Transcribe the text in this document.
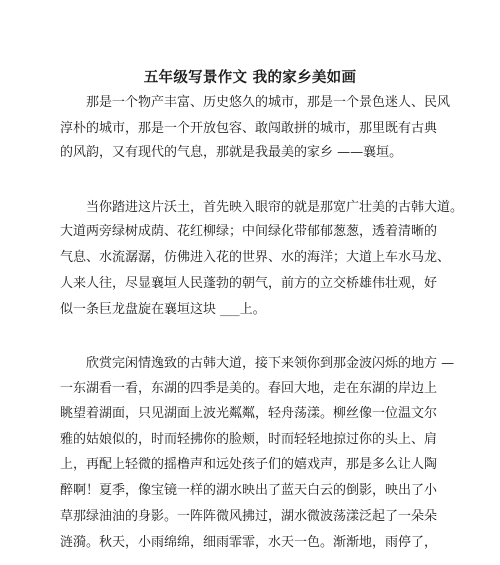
五年级写景作文 我的家乡美如画

那是一个物产丰富、历史悠久的城市，那是一个景色迷人、民风

淳朴的城市，那是一个开放包容、敢闯敢拼的城市，那里既有古典

的风韵，又有现代的气息，那就是我最美的家乡 ——襄垣。

当你踏进这片沃土，首先映入眼帘的就是那宽广壮美的古韩大道。

大道两旁绿树成荫、花红柳绿；中间绿化带郁郁葱葱，透着清晰的

气息、水流潺潺，仿佛进入花的世界、水的海洋；大道上车水马龙、

人来人往，尽显襄垣人民蓬勃的朝气，前方的立交桥雄伟壮观，好

似一条巨龙盘旋在襄垣这块 ___上。

欣赏完闲情逸致的古韩大道，接下来领你到那金波闪烁的地方 —

一东湖看一看，东湖的四季是美的。春回大地，走在东湖的岸边上

眺望着湖面，只见湖面上波光粼粼，轻舟荡漾。柳丝像一位温文尔

雅的姑娘似的，时而轻拂你的脸颊，时而轻轻地掠过你的头上、肩

上，再配上轻微的摇橹声和远处孩子们的嬉戏声，那是多么让人陶

醉啊！夏季，像宝镜一样的湖水映出了蓝天白云的倒影，映出了小

草那绿油油的身影。一阵阵微风拂过，湖水微波荡漾泛起了一朵朵

涟漪。秋天，小雨绵绵，细雨霏霏，水天一色。渐渐地，雨停了，
